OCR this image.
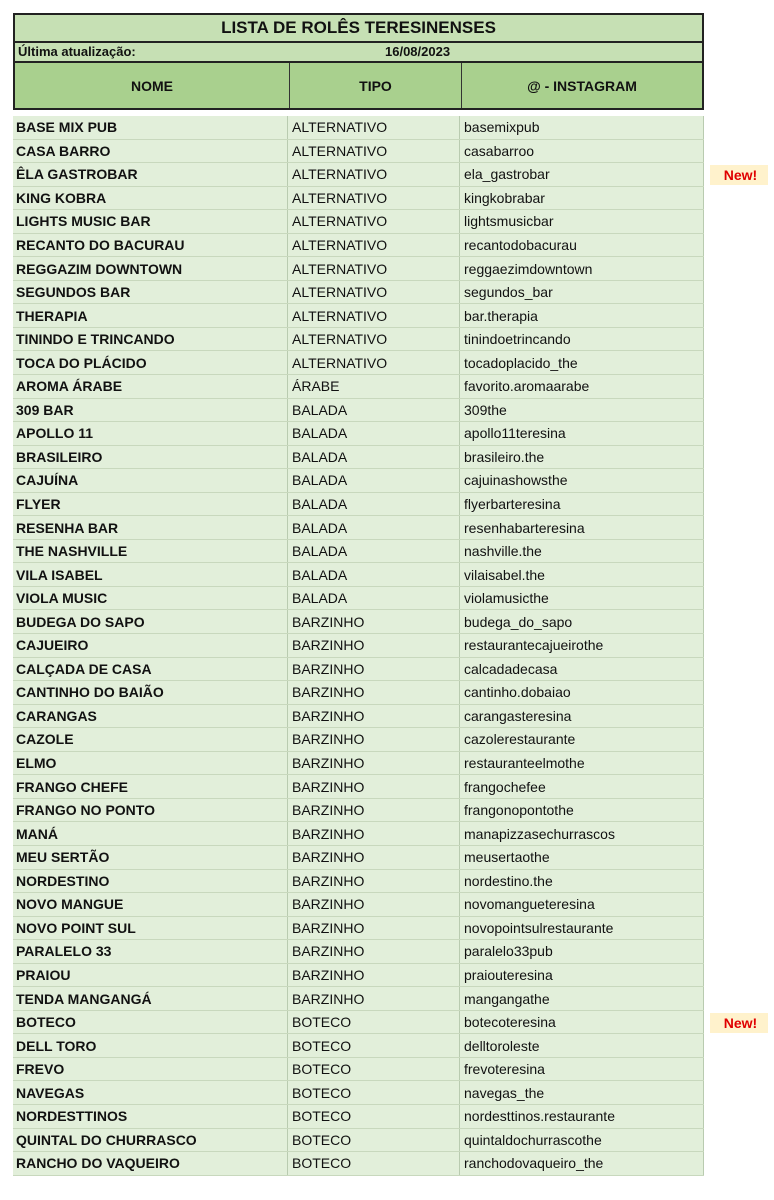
LISTA DE ROLÊS TERESINENSES
Última atualização:	16/08/2023
NOME	TIPO	@ - INSTAGRAM
BASE MIX PUB	ALTERNATIVO	basemixpub
CASA BARRO	ALTERNATIVO	casabarroo
ÊLA GASTROBAR	ALTERNATIVO	ela_gastrobar	New!
KING KOBRA	ALTERNATIVO	kingkobrabar
LIGHTS MUSIC BAR	ALTERNATIVO	lightsmusicbar
RECANTO DO BACURAU	ALTERNATIVO	recantodobacurau
REGGAZIM DOWNTOWN	ALTERNATIVO	reggaezimdowntown
SEGUNDOS BAR	ALTERNATIVO	segundos_bar
THERAPIA	ALTERNATIVO	bar.therapia
TININDO E TRINCANDO	ALTERNATIVO	tinindoetrincando
TOCA DO PLÁCIDO	ALTERNATIVO	tocadoplacido_the
AROMA ÁRABE	ÁRABE	favorito.aromaarabe
309 BAR	BALADA	309the
APOLLO 11	BALADA	apollo11teresina
BRASILEIRO	BALADA	brasileiro.the
CAJUÍNA	BALADA	cajuinashowsthe
FLYER	BALADA	flyerbarteresina
RESENHA BAR	BALADA	resenhabarteresina
THE NASHVILLE	BALADA	nashville.the
VILA ISABEL	BALADA	vilaisabel.the
VIOLA MUSIC	BALADA	violamusicthe
BUDEGA DO SAPO	BARZINHO	budega_do_sapo
CAJUEIRO	BARZINHO	restaurantecajueirothe
CALÇADA DE CASA	BARZINHO	calcadadecasa
CANTINHO DO BAIÃO	BARZINHO	cantinho.dobaiao
CARANGAS	BARZINHO	carangasteresina
CAZOLE	BARZINHO	cazolerestaurante
ELMO	BARZINHO	restauranteelmothe
FRANGO CHEFE	BARZINHO	frangochefee
FRANGO NO PONTO	BARZINHO	frangonopontothe
MANÁ	BARZINHO	manapizzasechurrascos
MEU SERTÃO	BARZINHO	meusertaothe
NORDESTINO	BARZINHO	nordestino.the
NOVO MANGUE	BARZINHO	novomangueteresina
NOVO POINT SUL	BARZINHO	novopointsulrestaurante
PARALELO 33	BARZINHO	paralelo33pub
PRAIOU	BARZINHO	praiouteresina
TENDA MANGANGÁ	BARZINHO	mangangathe
BOTECO	BOTECO	botecoteresina	New!
DELL TORO	BOTECO	delltoroleste
FREVO	BOTECO	frevoteresina
NAVEGAS	BOTECO	navegas_the
NORDESTTINOS	BOTECO	nordesttinos.restaurante
QUINTAL DO CHURRASCO	BOTECO	quintaldochurrascothe
RANCHO DO VAQUEIRO	BOTECO	ranchodovaqueiro_the
